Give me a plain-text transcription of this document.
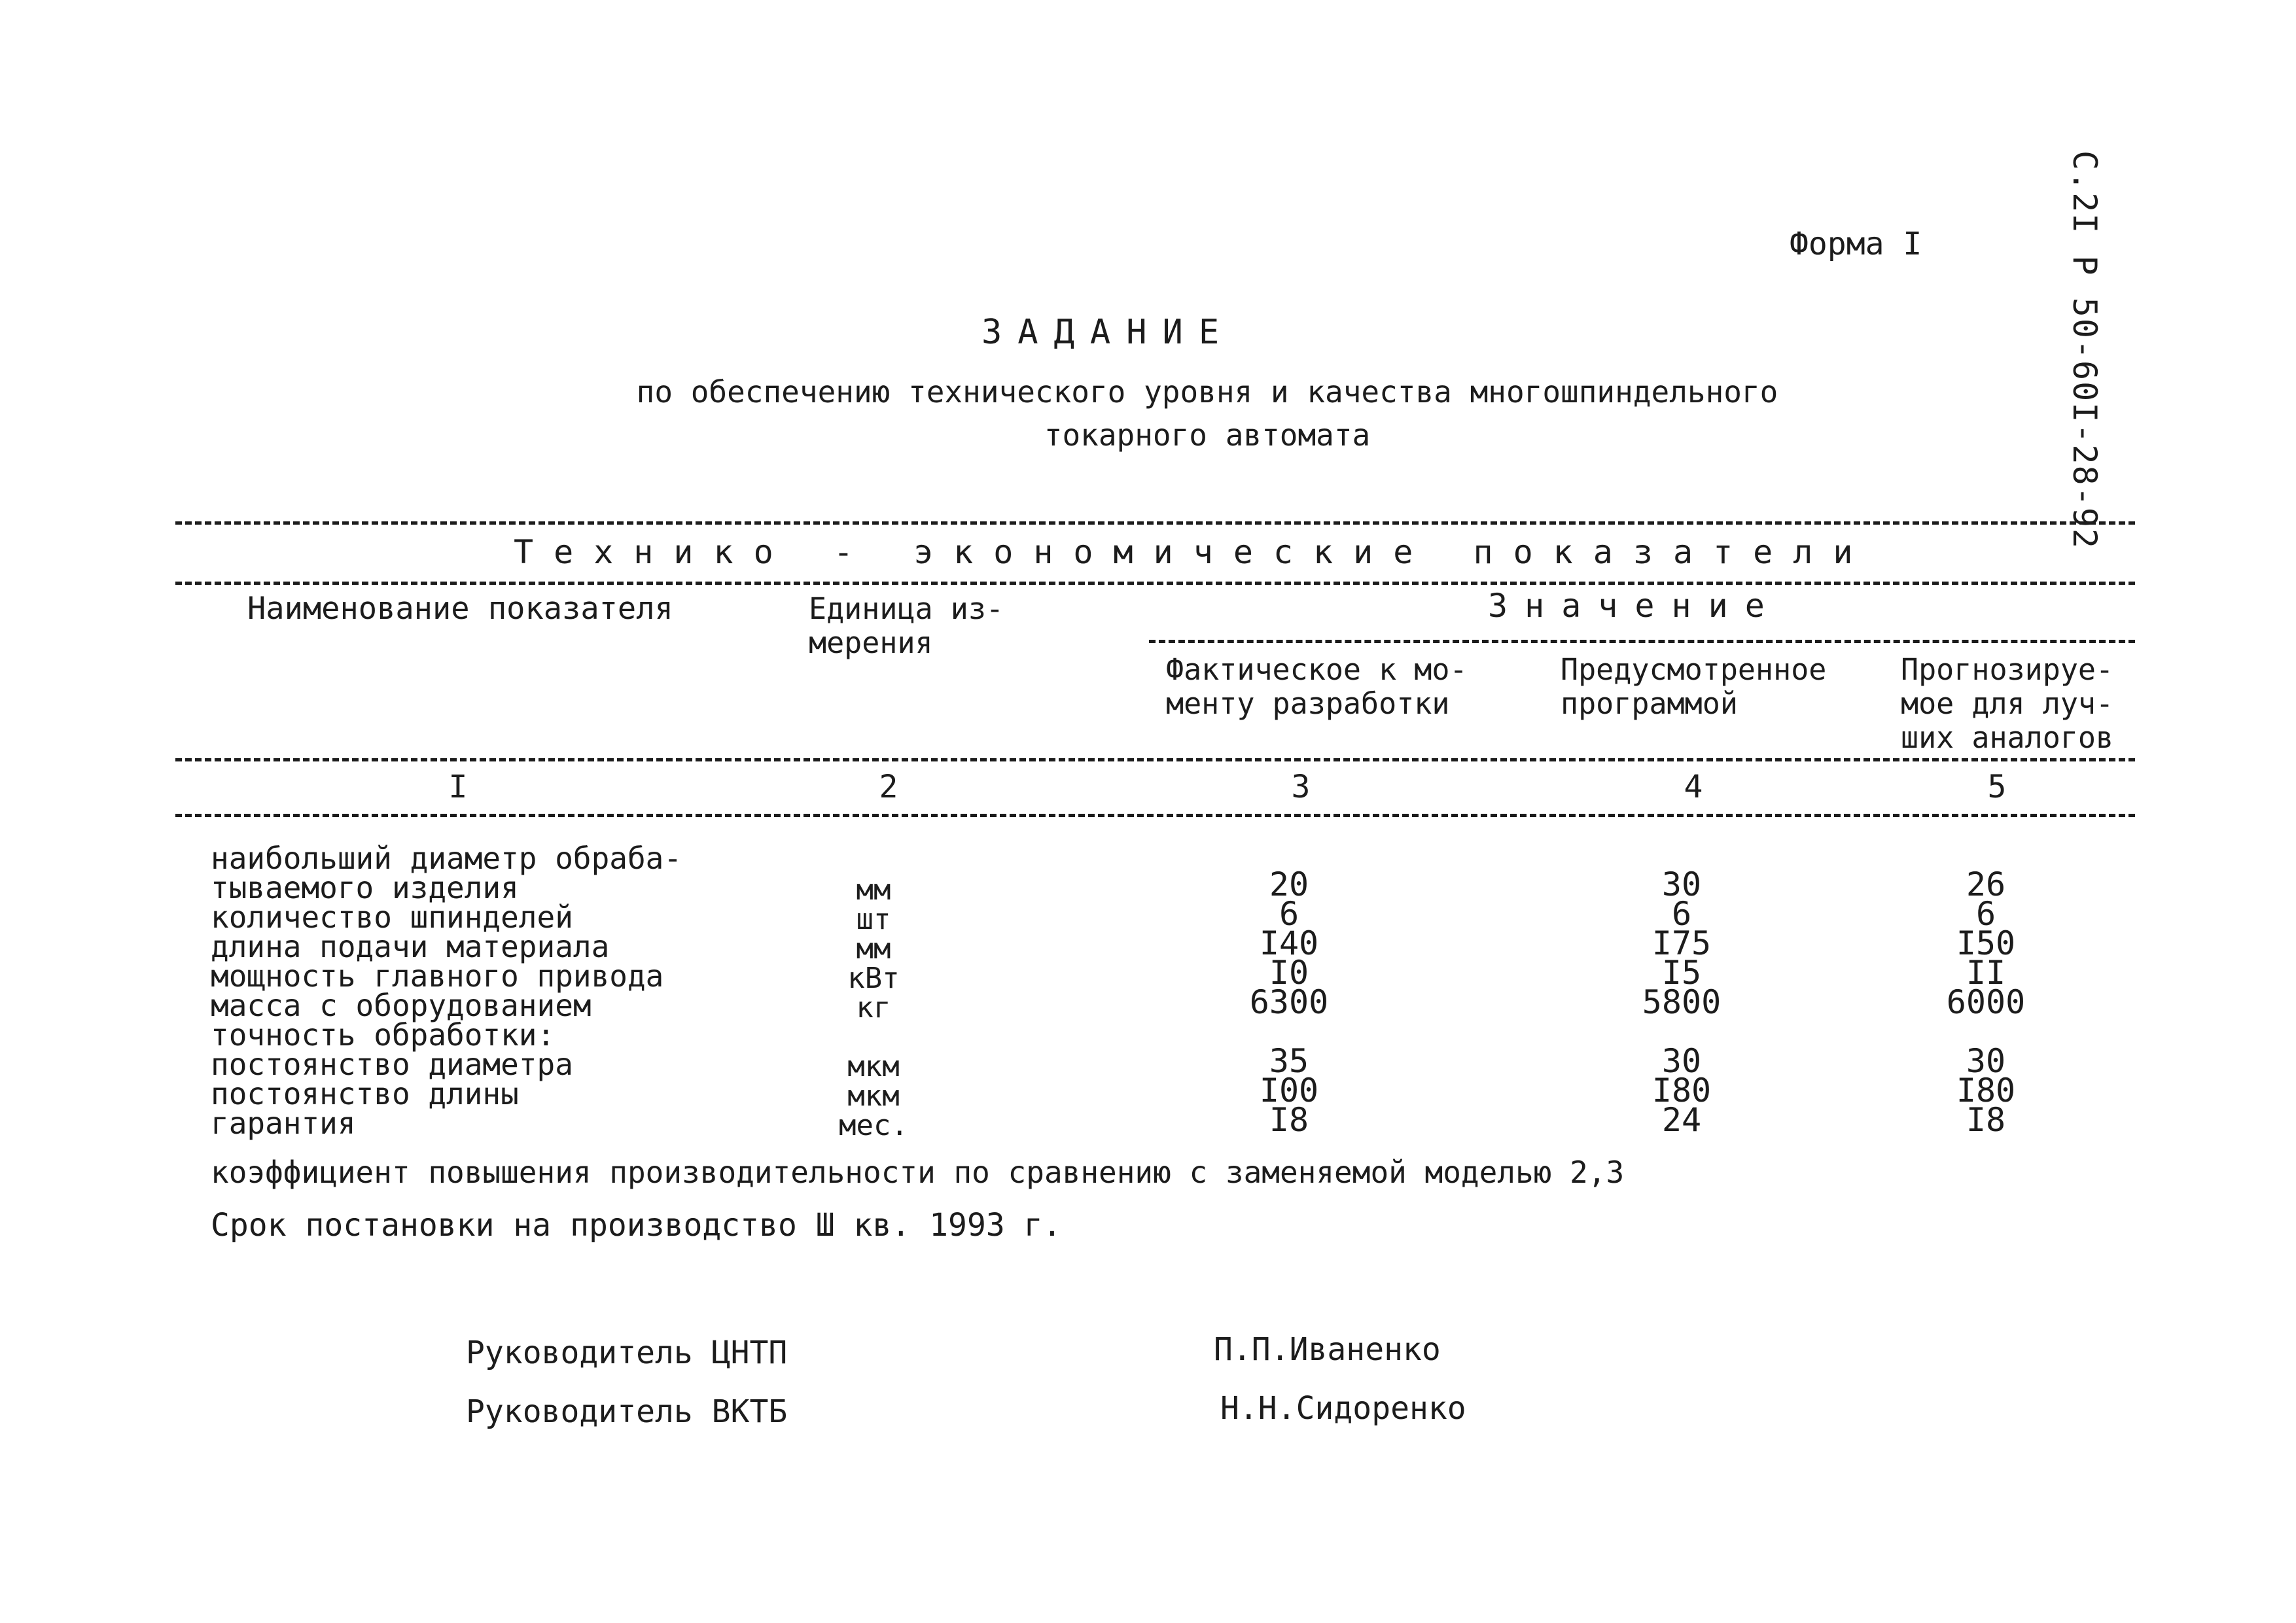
С.2I Р 50-60I-28-92
Форма I
ЗАДАНИЕ
по обеспечению технического уровня и качества многошпиндельного
токарного автомата
Технико - экономические показатели
Наименование показателя	Единица из- мерения
Значение
Фактическое к мо- менту разработки
Предусмотренное программой
Прогнозируе- мое для луч- ших аналогов
I	2	3	4	5
наибольший диаметр обраба-
тываемого изделия	мм	20	30	26
количество шпинделей	шт	6	6	6
длина подачи материала	мм	I40	I75	I50
мощность главного привода	кВт	I0	I5	II
масса с оборудованием	кг	6300	5800	6000
точность обработки:
постоянство диаметра	мкм	35	30	30
постоянство длины	мкм	I00	I80	I80
гарантия	мес.	I8	24	I8
коэффициент повышения производительности по сравнению с заменяемой моделью 2,3
Срок постановки на производство Ш кв. 1993 г.
Руководитель ЦНТП	П.П.Иваненко
Руководитель ВКТБ	Н.Н.Сидоренко
